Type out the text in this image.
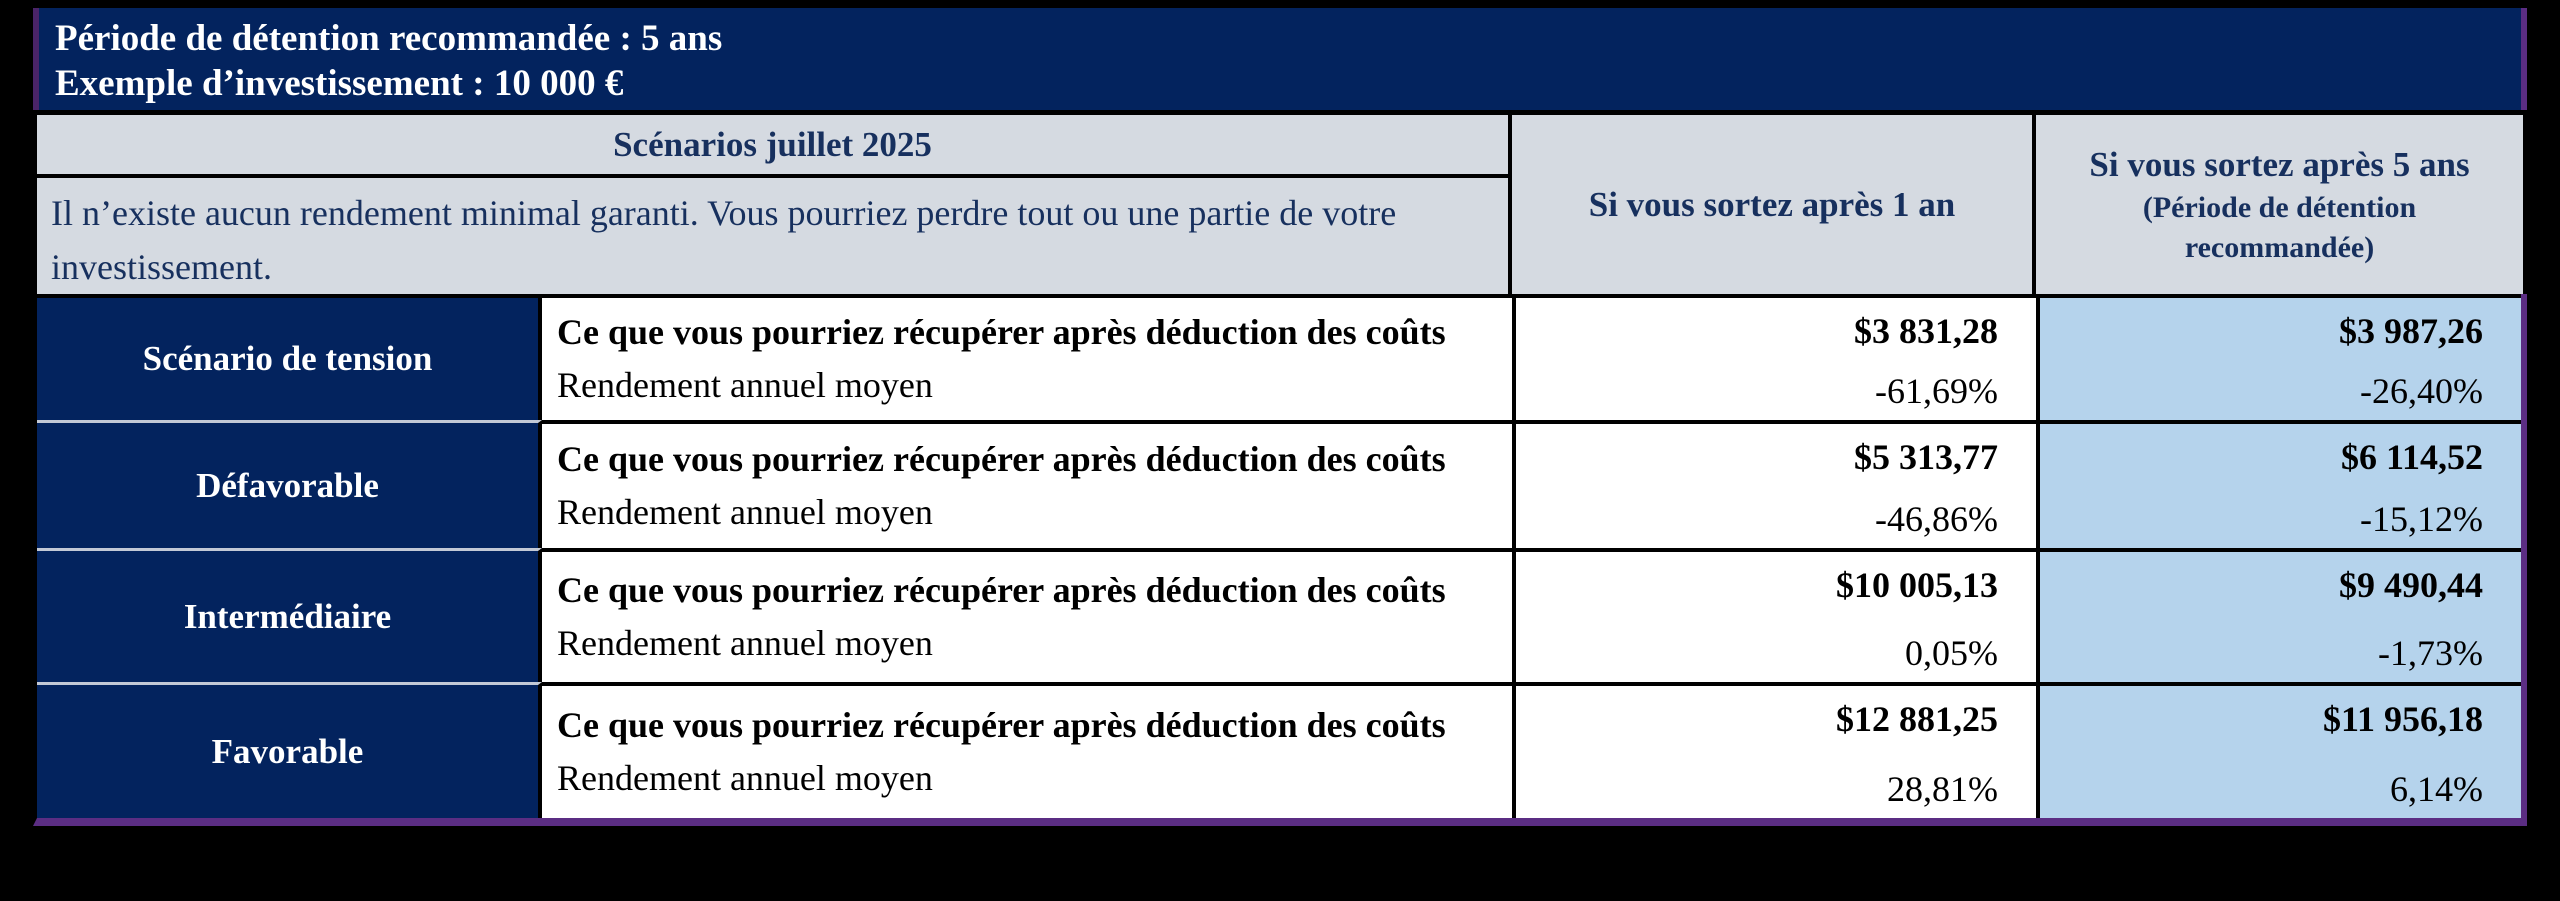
Période de détention recommandée : 5 ans
Exemple d’investissement : 10 000 €
Scénarios juillet 2025
Il n’existe aucun rendement minimal garanti. Vous pourriez perdre tout ou une partie de votre investissement.
Si vous sortez après 1 an
Si vous sortez après 5 ans
(Période de détention recommandée)
Scénario de tension
Ce que vous pourriez récupérer après déduction des coûts Rendement annuel moyen
$3 831,28
-61,69%
$3 987,26
-26,40%
Défavorable
Ce que vous pourriez récupérer après déduction des coûts Rendement annuel moyen
$5 313,77
-46,86%
$6 114,52
-15,12%
Intermédiaire
Ce que vous pourriez récupérer après déduction des coûts Rendement annuel moyen
$10 005,13
0,05%
$9 490,44
-1,73%
Favorable
Ce que vous pourriez récupérer après déduction des coûts Rendement annuel moyen
$12 881,25
28,81%
$11 956,18
6,14%
